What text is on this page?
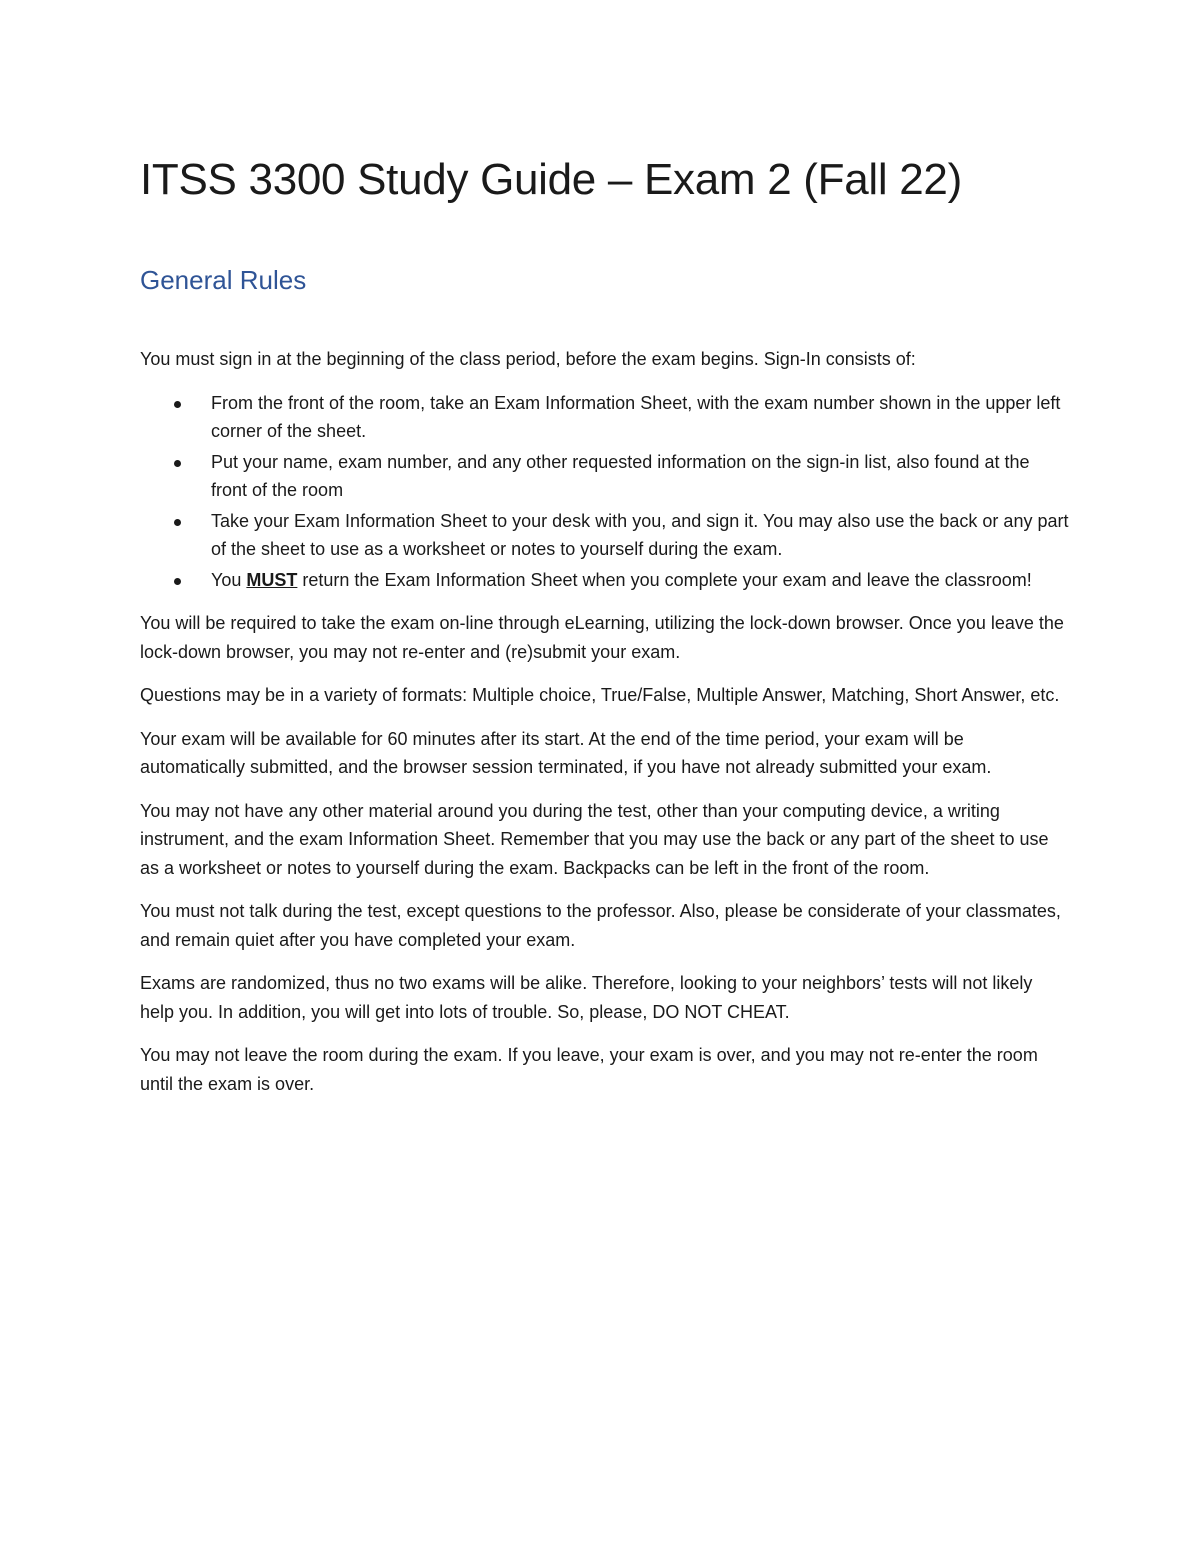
ITSS 3300 Study Guide – Exam 2 (Fall 22)
General Rules

You must sign in at the beginning of the class period, before the exam begins. Sign-In consists of:

From the front of the room, take an Exam Information Sheet, with the exam number shown in the upper left corner of the sheet.
Put your name, exam number, and any other requested information on the sign-in list, also found at the front of the room
Take your Exam Information Sheet to your desk with you, and sign it. You may also use the back or any part of the sheet to use as a worksheet or notes to yourself during the exam.
You MUST return the Exam Information Sheet when you complete your exam and leave the classroom!

You will be required to take the exam on-line through eLearning, utilizing the lock-down browser. Once you leave the lock-down browser, you may not re-enter and (re)submit your exam.

Questions may be in a variety of formats: Multiple choice, True/False, Multiple Answer, Matching, Short Answer, etc.

Your exam will be available for 60 minutes after its start. At the end of the time period, your exam will be automatically submitted, and the browser session terminated, if you have not already submitted your exam.

You may not have any other material around you during the test, other than your computing device, a writing instrument, and the exam Information Sheet. Remember that you may use the back or any part of the sheet to use as a worksheet or notes to yourself during the exam. Backpacks can be left in the front of the room.

You must not talk during the test, except questions to the professor. Also, please be considerate of your classmates, and remain quiet after you have completed your exam.

Exams are randomized, thus no two exams will be alike. Therefore, looking to your neighbors’ tests will not likely help you. In addition, you will get into lots of trouble. So, please, DO NOT CHEAT.

You may not leave the room during the exam. If you leave, your exam is over, and you may not re-enter the room until the exam is over.
